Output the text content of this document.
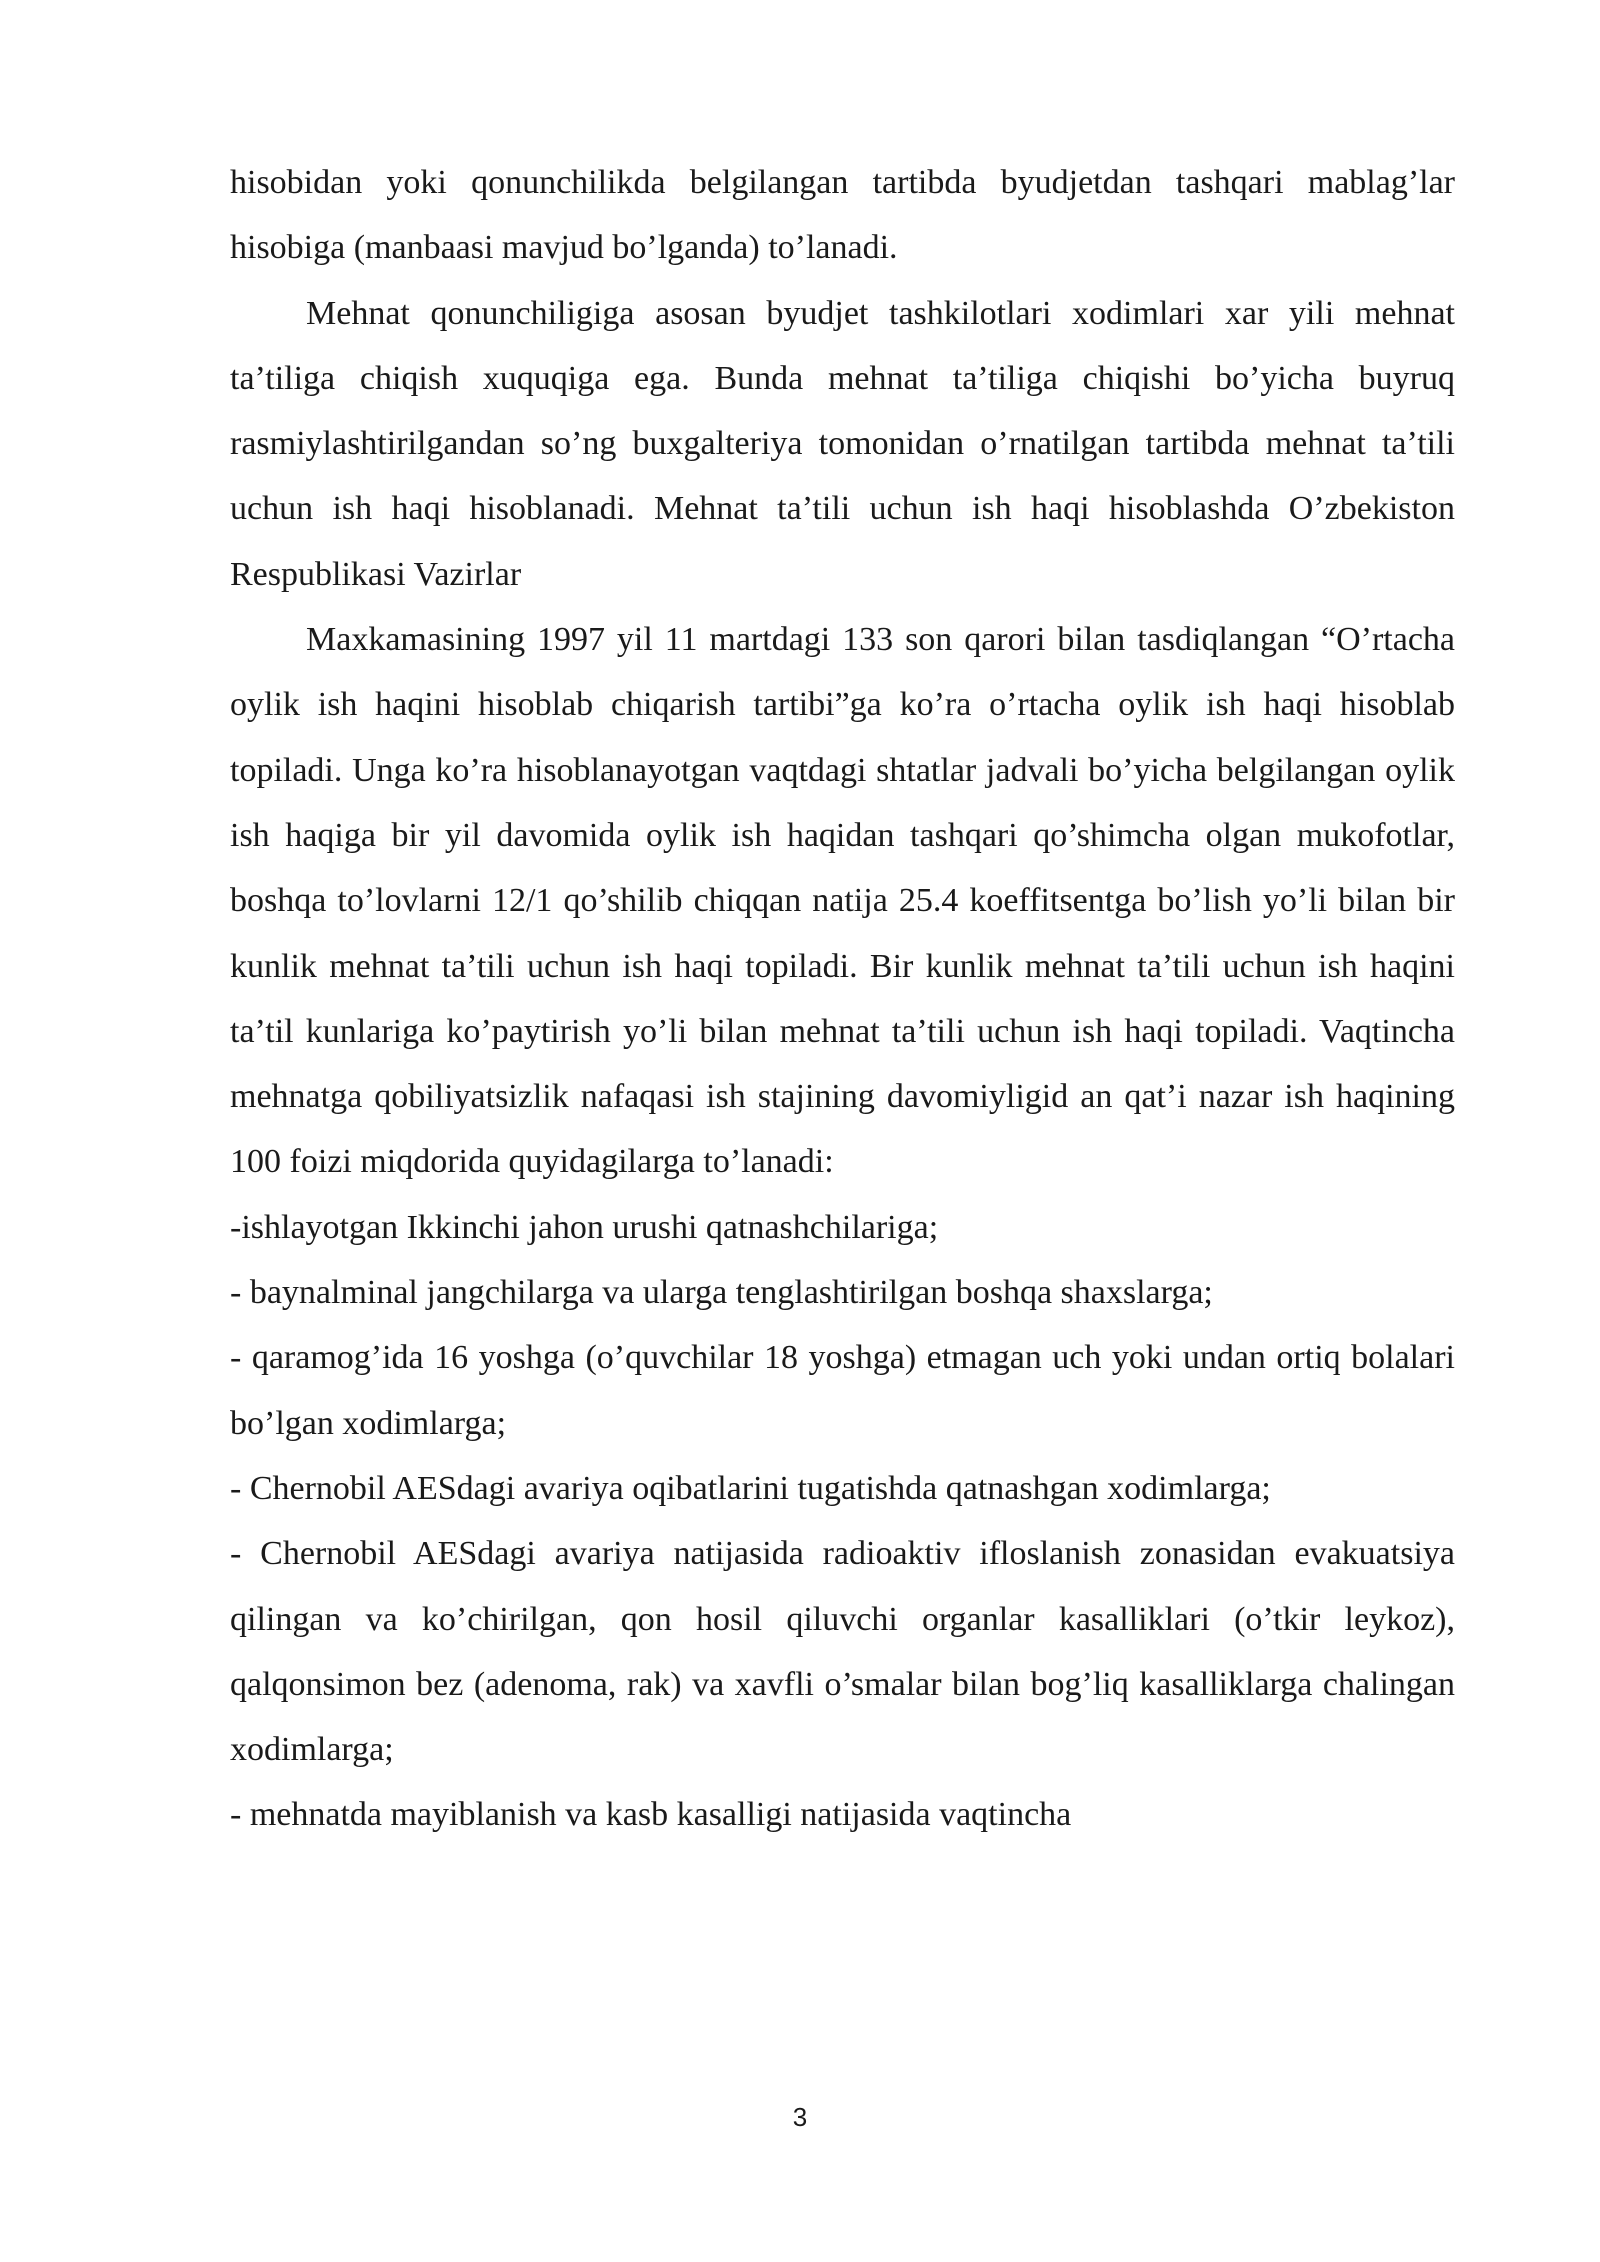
hisobidan yoki qonunchilikda belgilangan tartibda byudjetdan tashqari mablag’lar hisobiga (manbaasi mavjud bo’lganda) to’lanadi.

Mehnat qonunchiligiga asosan byudjet tashkilotlari xodimlari xar yili mehnat ta’tiliga chiqish xuquqiga ega. Bunda mehnat ta’tiliga chiqishi bo’yicha buyruq rasmiylashtirilgandan so’ng buxgalteriya tomonidan o’rnatilgan tartibda mehnat ta’tili uchun ish haqi hisoblanadi. Mehnat ta’tili uchun ish haqi hisoblashda O’zbekiston Respublikasi Vazirlar

Maxkamasining 1997 yil 11 martdagi 133 son qarori bilan tasdiqlangan “O’rtacha oylik ish haqini hisoblab chiqarish tartibi”ga ko’ra o’rtacha oylik ish haqi hisoblab topiladi. Unga ko’ra hisoblanayotgan vaqtdagi shtatlar jadvali bo’yicha belgilangan oylik ish haqiga bir yil davomida oylik ish haqidan tashqari qo’shimcha olgan mukofotlar, boshqa to’lovlarni 12/1 qo’shilib chiqqan natija 25.4 koeffitsentga bo’lish yo’li bilan bir kunlik mehnat ta’tili uchun ish haqi topiladi. Bir kunlik mehnat ta’tili uchun ish haqini ta’til kunlariga ko’paytirish yo’li bilan mehnat ta’tili uchun ish haqi topiladi. Vaqtincha mehnatga qobiliyatsizlik nafaqasi ish stajining davomiyligid an qat’i nazar ish haqining 100 foizi miqdorida quyidagilarga to’lanadi:

-ishlayotgan Ikkinchi jahon urushi qatnashchilariga;

- baynalminal jangchilarga va ularga tenglashtirilgan boshqa shaxslarga;

- qaramog’ida 16 yoshga (o’quvchilar 18 yoshga) etmagan uch yoki undan ortiq bolalari bo’lgan xodimlarga;

- Chernobil AESdagi avariya oqibatlarini tugatishda qatnashgan xodimlarga;

- Chernobil AESdagi avariya natijasida radioaktiv ifloslanish zonasidan evakuatsiya qilingan va ko’chirilgan, qon hosil qiluvchi organlar kasalliklari (o’tkir leykoz), qalqonsimon bez (adenoma, rak) va xavfli o’smalar bilan bog’liq kasalliklarga chalingan xodimlarga;

- mehnatda mayiblanish va kasb kasalligi natijasida vaqtincha

3
